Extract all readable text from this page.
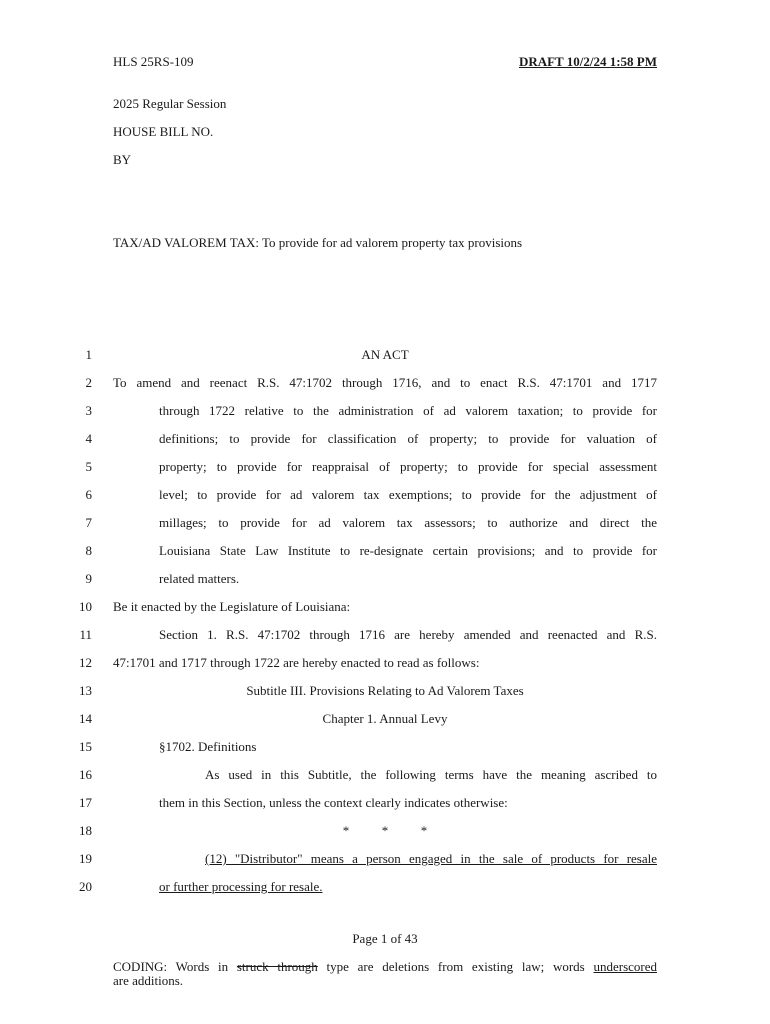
HLS 25RS-109	DRAFT 10/2/24 1:58 PM
2025 Regular Session
HOUSE BILL NO.
BY
TAX/AD VALOREM TAX: To provide for ad valorem property tax provisions
1	AN ACT
2 To amend and reenact R.S. 47:1702 through 1716, and to enact R.S. 47:1701 and 1717
3	through 1722 relative to the administration of ad valorem taxation; to provide for
4	definitions; to provide for classification of property; to provide for valuation of
5	property; to provide for reappraisal of property; to provide for special assessment
6	level; to provide for ad valorem tax exemptions; to provide for the adjustment of
7	millages; to provide for ad valorem tax assessors; to authorize and direct the
8	Louisiana State Law Institute to re-designate certain provisions; and to provide for
9	related matters.
10 Be it enacted by the Legislature of Louisiana:
11	Section 1. R.S. 47:1702 through 1716 are hereby amended and reenacted and R.S.
12 47:1701 and 1717 through 1722 are hereby enacted to read as follows:
13	Subtitle III. Provisions Relating to Ad Valorem Taxes
14	Chapter 1. Annual Levy
15	§1702. Definitions
16	As used in this Subtitle, the following terms have the meaning ascribed to
17	them in this Section, unless the context clearly indicates otherwise:
18	*          *          *
19	(12) "Distributor" means a person engaged in the sale of products for resale
20	or further processing for resale.
Page 1 of 43
CODING: Words in struck through type are deletions from existing law; words underscored
are additions.
